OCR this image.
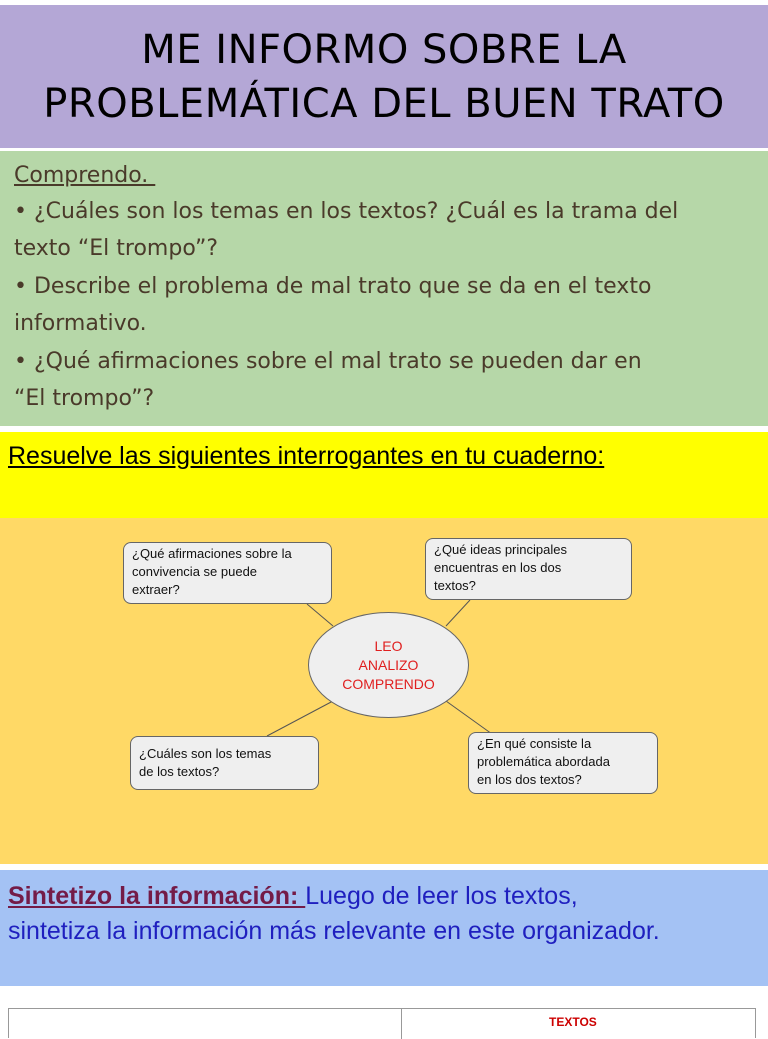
ME INFORMO SOBRE LA
PROBLEMÁTICA DEL BUEN TRATO
Comprendo.
• ¿Cuáles son los temas en los textos? ¿Cuál es la trama del
texto “El trompo”?
• Describe el problema de mal trato que se da en el texto
informativo.
• ¿Qué afirmaciones sobre el mal trato se pueden dar en
“El trompo”?
Resuelve las siguientes interrogantes en tu cuaderno:
¿Qué afirmaciones sobre la
convivencia se puede
extraer?
¿Qué ideas principales
encuentras en los dos
textos?
LEO
ANALIZO
COMPRENDO
¿Cuáles son los temas
de los textos?
¿En qué consiste la
problemática abordada
en los dos textos?
Sintetizo la información: Luego de leer los textos,
sintetiza la información más relevante en este organizador.
TEXTOS
